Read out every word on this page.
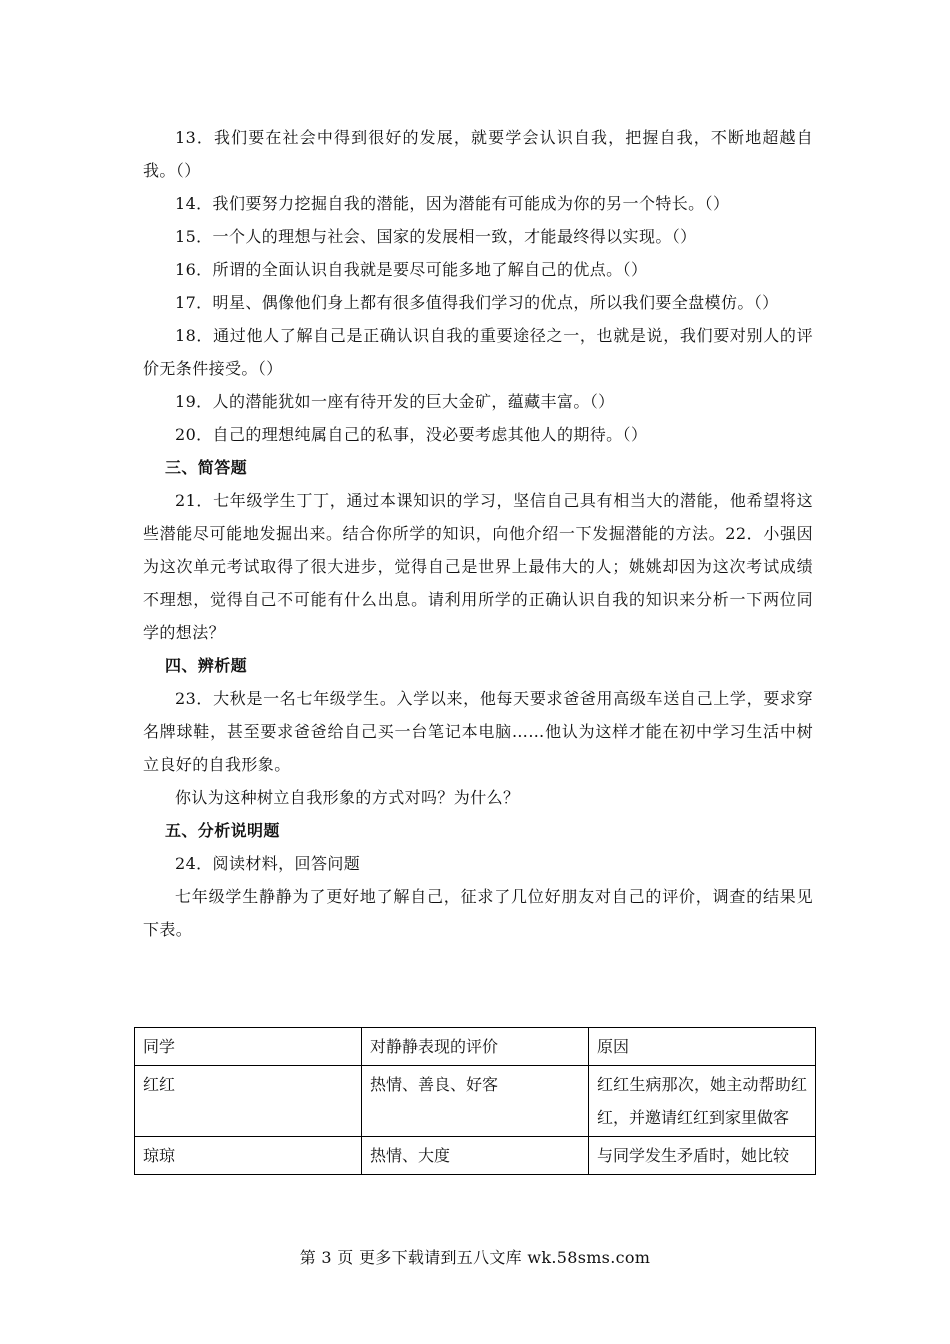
13．我们要在社会中得到很好的发展，就要学会认识自我，把握自我，不断地超越自我。（）

14．我们要努力挖掘自我的潜能，因为潜能有可能成为你的另一个特长。（）

15．一个人的理想与社会、国家的发展相一致，才能最终得以实现。（）

16．所谓的全面认识自我就是要尽可能多地了解自己的优点。（）

17．明星、偶像他们身上都有很多值得我们学习的优点，所以我们要全盘模仿。（）

18．通过他人了解自己是正确认识自我的重要途径之一，也就是说，我们要对别人的评价无条件接受。（）

19．人的潜能犹如一座有待开发的巨大金矿，蕴藏丰富。（）

20．自己的理想纯属自己的私事，没必要考虑其他人的期待。（）

三、简答题

21．七年级学生丁丁，通过本课知识的学习，坚信自己具有相当大的潜能，他希望将这些潜能尽可能地发掘出来。结合你所学的知识，向他介绍一下发掘潜能的方法。22．小强因为这次单元考试取得了很大进步，觉得自己是世界上最伟大的人；姚姚却因为这次考试成绩不理想，觉得自己不可能有什么出息。请利用所学的正确认识自我的知识来分析一下两位同学的想法？

四、辨析题

23．大秋是一名七年级学生。入学以来，他每天要求爸爸用高级车送自己上学，要求穿名牌球鞋，甚至要求爸爸给自己买一台笔记本电脑……他认为这样才能在初中学习生活中树立良好的自我形象。

你认为这种树立自我形象的方式对吗？为什么？

五、分析说明题

24．阅读材料，回答问题

七年级学生静静为了更好地了解自己，征求了几位好朋友对自己的评价，调查的结果见下表。

同学	对静静表现的评价	原因
红红	热情、善良、好客	红红生病那次，她主动帮助红红，并邀请红红到家里做客
琼琼	热情、大度	与同学发生矛盾时，她比较
第 3 页 更多下载请到五八文库 wk.58sms.com
